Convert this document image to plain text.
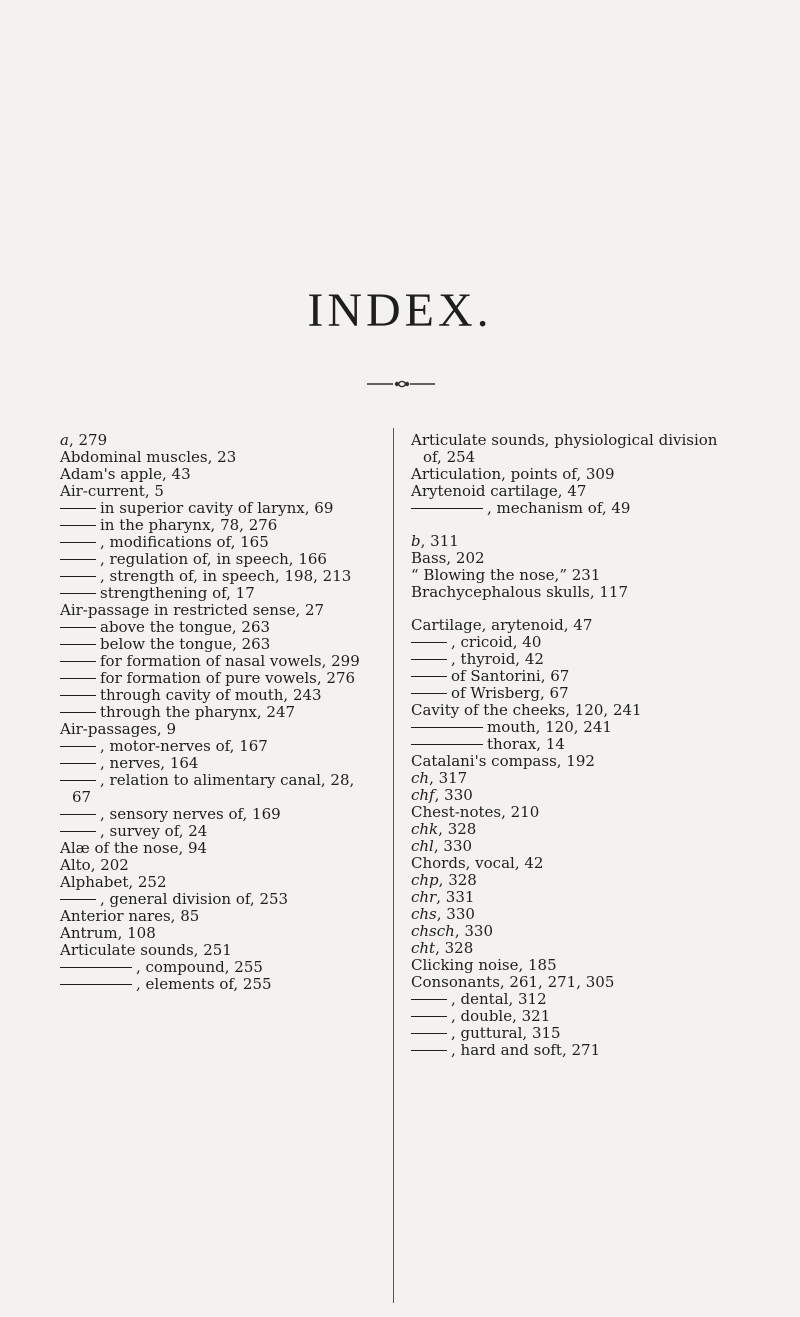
INDEX.
a, 279
Abdominal muscles, 23
Adam's apple, 43
Air-current, 5
in superior cavity of larynx, 69
in the pharynx, 78, 276
, modifications of, 165
, regulation of, in speech, 166
, strength of, in speech, 198, 213
strengthening of, 17
Air-passage in restricted sense, 27
above the tongue, 263
below the tongue, 263
for formation of nasal vowels, 299
for formation of pure vowels, 276
through cavity of mouth, 243
through the pharynx, 247
Air-passages, 9
, motor-nerves of, 167
, nerves, 164
, relation to alimentary canal, 28, 67
, sensory nerves of, 169
, survey of, 24
Alæ of the nose, 94
Alto, 202
Alphabet, 252
, general division of, 253
Anterior nares, 85
Antrum, 108
Articulate sounds, 251
, compound, 255
, elements of, 255
Articulate sounds, physiological division of, 254
Articulation, points of, 309
Arytenoid cartilage, 47
, mechanism of, 49
b, 311
Bass, 202
“ Blowing the nose,” 231
Brachycephalous skulls, 117
Cartilage, arytenoid, 47
, cricoid, 40
, thyroid, 42
of Santorini, 67
of Wrisberg, 67
Cavity of the cheeks, 120, 241
mouth, 120, 241
thorax, 14
Catalani's compass, 192
ch, 317
chf, 330
Chest-notes, 210
chk, 328
chl, 330
Chords, vocal, 42
chp, 328
chr, 331
chs, 330
chsch, 330
cht, 328
Clicking noise, 185
Consonants, 261, 271, 305
, dental, 312
, double, 321
, guttural, 315
, hard and soft, 271
